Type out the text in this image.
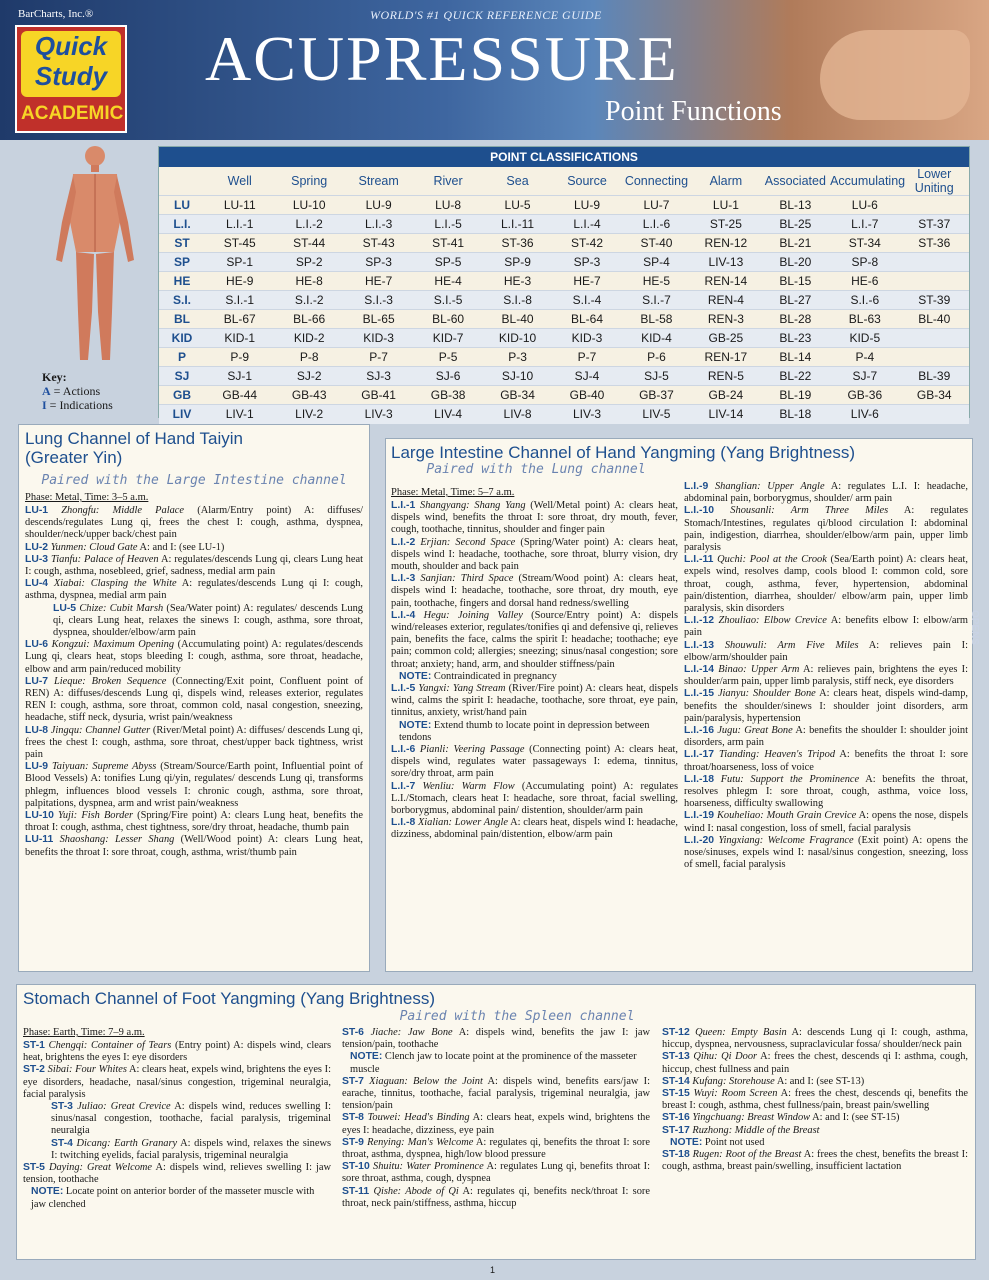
BarCharts, Inc.®
Quick
Study
ACADEMIC
WORLD'S #1 QUICK REFERENCE GUIDE
ACUPRESSURE
Point Functions
Key:
A = Actions
I = Indications
POINT CLASSIFICATIONS
	Well	Spring	Stream	River	Sea	Source	Connecting	Alarm	Associated	Accumulating	Lower Uniting
LU	LU-11	LU-10	LU-9	LU-8	LU-5	LU-9	LU-7	LU-1	BL-13	LU-6	
L.I.	L.I.-1	L.I.-2	L.I.-3	L.I.-5	L.I.-11	L.I.-4	L.I.-6	ST-25	BL-25	L.I.-7	ST-37
ST	ST-45	ST-44	ST-43	ST-41	ST-36	ST-42	ST-40	REN-12	BL-21	ST-34	ST-36
SP	SP-1	SP-2	SP-3	SP-5	SP-9	SP-3	SP-4	LIV-13	BL-20	SP-8	
HE	HE-9	HE-8	HE-7	HE-4	HE-3	HE-7	HE-5	REN-14	BL-15	HE-6	
S.I.	S.I.-1	S.I.-2	S.I.-3	S.I.-5	S.I.-8	S.I.-4	S.I.-7	REN-4	BL-27	S.I.-6	ST-39
BL	BL-67	BL-66	BL-65	BL-60	BL-40	BL-64	BL-58	REN-3	BL-28	BL-63	BL-40
KID	KID-1	KID-2	KID-3	KID-7	KID-10	KID-3	KID-4	GB-25	BL-23	KID-5	
P	P-9	P-8	P-7	P-5	P-3	P-7	P-6	REN-17	BL-14	P-4	
SJ	SJ-1	SJ-2	SJ-3	SJ-6	SJ-10	SJ-4	SJ-5	REN-5	BL-22	SJ-7	BL-39
GB	GB-44	GB-43	GB-41	GB-38	GB-34	GB-40	GB-37	GB-24	BL-19	GB-36	GB-34
LIV	LIV-1	LIV-2	LIV-3	LIV-4	LIV-8	LIV-3	LIV-5	LIV-14	BL-18	LIV-6	
Lung Channel of Hand Taiyin (Greater Yin)
Paired with the Large Intestine channel
Phase: Metal, Time: 3–5 a.m.
LU-1 Zhongfu: Middle Palace (Alarm/Entry point) A: diffuses/ descends/regulates Lung qi, frees the chest I: cough, asthma, dyspnea, shoulder/neck/upper back/chest pain
LU-2 Yunmen: Cloud Gate A: and I: (see LU-1)
LU-3 Tianfu: Palace of Heaven A: regulates/descends Lung qi, clears Lung heat I: cough, asthma, nosebleed, grief, sadness, medial arm pain
LU-4 Xiabai: Clasping the White A: regulates/descends Lung qi I: cough, asthma, dyspnea, medial arm pain
LU-5 Chize: Cubit Marsh (Sea/Water point) A: regulates/ descends Lung qi, clears Lung heat, relaxes the sinews I: cough, asthma, sore throat, dyspnea, shoulder/elbow/arm pain
LU-6 Kongzui: Maximum Opening (Accumulating point) A: regulates/descends Lung qi, clears heat, stops bleeding I: cough, asthma, sore throat, headache, elbow and arm pain/reduced mobility
LU-7 Lieque: Broken Sequence (Connecting/Exit point, Confluent point of REN) A: diffuses/descends Lung qi, dispels wind, releases exterior, regulates REN I: cough, asthma, sore throat, common cold, nasal congestion, sneezing, headache, stiff neck, dysuria, wrist pain/weakness
LU-8 Jingqu: Channel Gutter (River/Metal point) A: diffuses/ descends Lung qi, frees the chest I: cough, asthma, sore throat, chest/upper back tightness, wrist pain
LU-9 Taiyuan: Supreme Abyss (Stream/Source/Earth point, Influential point of Blood Vessels) A: tonifies Lung qi/yin, regulates/ descends Lung qi, transforms phlegm, influences blood vessels I: chronic cough, asthma, sore throat, palpitations, dyspnea, arm and wrist pain/weakness
LU-10 Yuji: Fish Border (Spring/Fire point) A: clears Lung heat, benefits the throat I: cough, asthma, chest tightness, sore/dry throat, headache, thumb pain
LU-11 Shaoshang: Lesser Shang (Well/Wood point) A: clears Lung heat, benefits the throat I: sore throat, cough, asthma, wrist/thumb pain
Large Intestine Channel of Hand Yangming (Yang Brightness)
Paired with the Lung channel
Phase: Metal, Time: 5–7 a.m.
L.I.-1 Shangyang: Shang Yang (Well/Metal point) A: clears heat, dispels wind, benefits the throat I: sore throat, dry mouth, fever, cough, toothache, tinnitus, shoulder and finger pain
L.I.-2 Erjian: Second Space (Spring/Water point) A: clears heat, dispels wind I: headache, toothache, sore throat, blurry vision, dry mouth, shoulder and back pain
L.I.-3 Sanjian: Third Space (Stream/Wood point) A: clears heat, dispels wind I: headache, toothache, sore throat, dry mouth, eye pain, toothache, fingers and dorsal hand redness/swelling
L.I.-4 Hegu: Joining Valley (Source/Entry point) A: dispels wind/releases exterior, regulates/tonifies qi and defensive qi, relieves pain, benefits the face, calms the spirit I: headache; toothache; eye pain; common cold; allergies; sneezing; sinus/nasal congestion; sore throat; anxiety; hand, arm, and shoulder stiffness/pain
NOTE: Contraindicated in pregnancy
L.I.-5 Yangxi: Yang Stream (River/Fire point) A: clears heat, dispels wind, calms the spirit I: headache, toothache, sore throat, eye pain, tinnitus, anxiety, wrist/hand pain
NOTE: Extend thumb to locate point in depression between tendons
L.I.-6 Pianli: Veering Passage (Connecting point) A: clears heat, dispels wind, regulates water passageways I: edema, tinnitus, sore/dry throat, arm pain
L.I.-7 Wenliu: Warm Flow (Accumulating point) A: regulates L.I./Stomach, clears heat I: headache, sore throat, facial swelling, borborygmus, abdominal pain/ distention, shoulder/arm pain
L.I.-8 Xialian: Lower Angle A: clears heat, dispels wind I: headache, dizziness, abdominal pain/distention, elbow/arm pain
L.I.-9 Shanglian: Upper Angle A: regulates L.I. I: headache, abdominal pain, borborygmus, shoulder/ arm pain
L.I.-10 Shousanli: Arm Three Miles A: regulates Stomach/Intestines, regulates qi/blood circulation I: abdominal pain, indigestion, diarrhea, shoulder/elbow/arm pain, upper limb paralysis
L.I.-11 Quchi: Pool at the Crook (Sea/Earth point) A: clears heat, expels wind, resolves damp, cools blood I: common cold, sore throat, cough, asthma, fever, hypertension, abdominal pain/distention, diarrhea, shoulder/ elbow/arm pain, upper limb paralysis, skin disorders
L.I.-12 Zhouliao: Elbow Crevice A: benefits elbow I: elbow/arm pain
L.I.-13 Shouwuli: Arm Five Miles A: relieves pain I: elbow/arm/shoulder pain
L.I.-14 Binao: Upper Arm A: relieves pain, brightens the eyes I: shoulder/arm pain, upper limb paralysis, stiff neck, eye disorders
L.I.-15 Jianyu: Shoulder Bone A: clears heat, dispels wind-damp, benefits the shoulder/sinews I: shoulder joint disorders, arm pain/paralysis, hypertension
L.I.-16 Jugu: Great Bone A: benefits the shoulder I: shoulder joint disorders, arm pain
L.I.-17 Tianding: Heaven's Tripod A: benefits the throat I: sore throat/hoarseness, loss of voice
L.I.-18 Futu: Support the Prominence A: benefits the throat, resolves phlegm I: sore throat, cough, asthma, voice loss, hoarseness, difficulty swallowing
L.I.-19 Kouheliao: Mouth Grain Crevice A: opens the nose, dispels wind I: nasal congestion, loss of smell, facial paralysis
L.I.-20 Yingxiang: Welcome Fragrance (Exit point) A: opens the nose/sinuses, expels wind I: nasal/sinus congestion, sneezing, loss of smell, facial paralysis
Stomach Channel of Foot Yangming (Yang Brightness)
Paired with the Spleen channel
Phase: Earth, Time: 7–9 a.m.
ST-1 Chengqi: Container of Tears (Entry point) A: dispels wind, clears heat, brightens the eyes I: eye disorders
ST-2 Sibai: Four Whites A: clears heat, expels wind, brightens the eyes I: eye disorders, headache, nasal/sinus congestion, trigeminal neuralgia, facial paralysis
ST-3 Juliao: Great Crevice A: dispels wind, reduces swelling I: sinus/nasal congestion, toothache, facial paralysis, trigeminal neuralgia
ST-4 Dicang: Earth Granary A: dispels wind, relaxes the sinews I: twitching eyelids, facial paralysis, trigeminal neuralgia
ST-5 Daying: Great Welcome A: dispels wind, relieves swelling I: jaw tension, toothache
NOTE: Locate point on anterior border of the masseter muscle with jaw clenched
ST-6 Jiache: Jaw Bone A: dispels wind, benefits the jaw I: jaw tension/pain, toothache
NOTE: Clench jaw to locate point at the prominence of the masseter muscle
ST-7 Xiaguan: Below the Joint A: dispels wind, benefits ears/jaw I: earache, tinnitus, toothache, facial paralysis, trigeminal neuralgia, jaw tension/pain
ST-8 Touwei: Head's Binding A: clears heat, expels wind, brightens the eyes I: headache, dizziness, eye pain
ST-9 Renying: Man's Welcome A: regulates qi, benefits the throat I: sore throat, asthma, dyspnea, high/low blood pressure
ST-10 Shuitu: Water Prominence A: regulates Lung qi, benefits throat I: sore throat, asthma, cough, dyspnea
ST-11 Qishe: Abode of Qi A: regulates qi, benefits neck/throat I: sore throat, neck pain/stiffness, asthma, hiccup
ST-12 Queen: Empty Basin A: descends Lung qi I: cough, asthma, hiccup, dyspnea, nervousness, supraclavicular fossa/ shoulder/neck pain
ST-13 Qihu: Qi Door A: frees the chest, descends qi I: asthma, cough, hiccup, chest fullness and pain
ST-14 Kufang: Storehouse A: and I: (see ST-13)
ST-15 Wuyi: Room Screen A: frees the chest, descends qi, benefits the breast I: cough, asthma, chest fullness/pain, breast pain/swelling
ST-16 Yingchuang: Breast Window A: and I: (see ST-15)
ST-17 Ruzhong: Middle of the Breast
NOTE: Point not used
ST-18 Rugen: Root of the Breast A: frees the chest, benefits the breast I: cough, asthma, breast pain/swelling, insufficient lactation
OPENS
1
